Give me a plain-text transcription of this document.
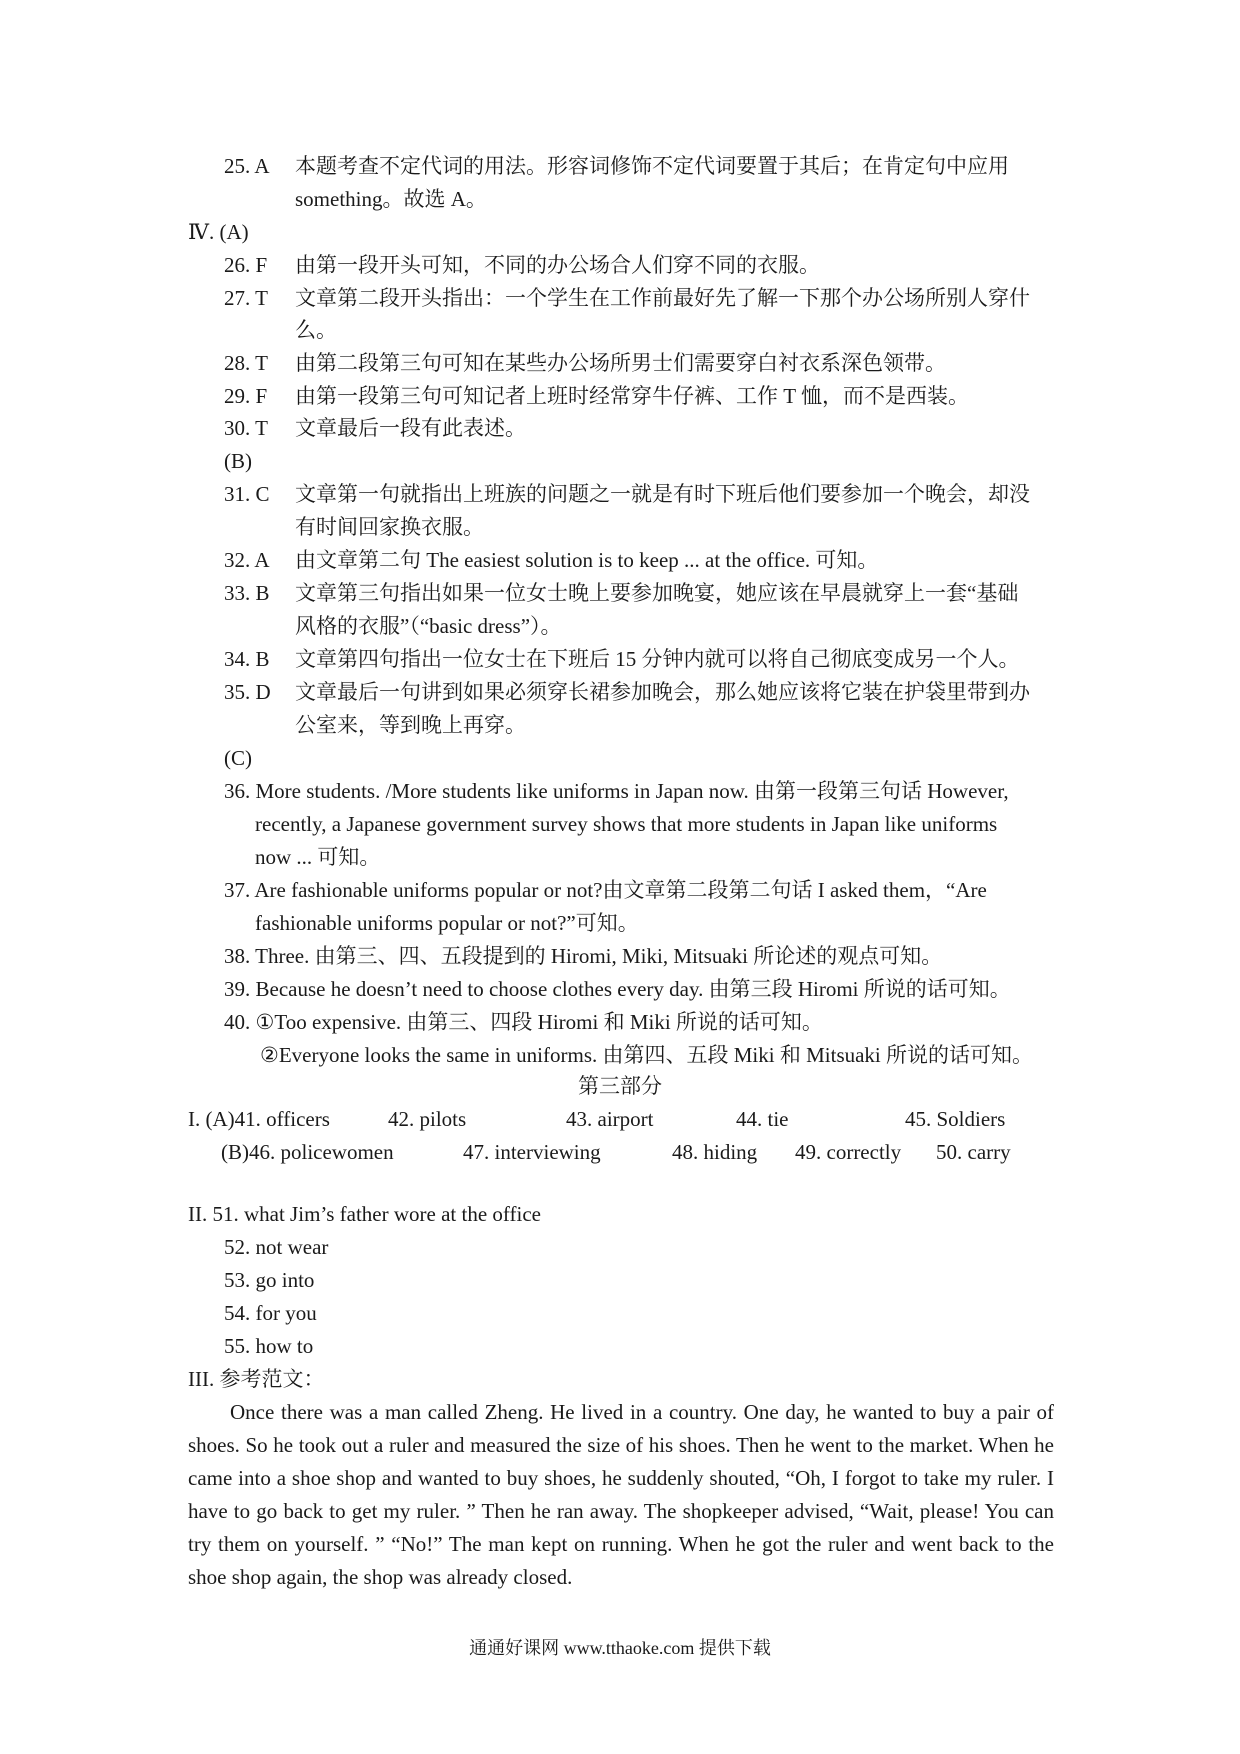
25. A 本题考查不定代词的用法。形容词修饰不定代词要置于其后；在肯定句中应用
something。故选 A。
Ⅳ. (A)
26. F 由第一段开头可知，不同的办公场合人们穿不同的衣服。
27. T 文章第二段开头指出：一个学生在工作前最好先了解一下那个办公场所别人穿什
么。
28. T 由第二段第三句可知在某些办公场所男士们需要穿白衬衣系深色领带。
29. F 由第一段第三句可知记者上班时经常穿牛仔裤、工作 T 恤，而不是西装。
30. T 文章最后一段有此表述。
(B)
31. C 文章第一句就指出上班族的问题之一就是有时下班后他们要参加一个晚会，却没
有时间回家换衣服。
32. A 由文章第二句 The easiest solution is to keep ... at the office. 可知。
33. B 文章第三句指出如果一位女士晚上要参加晚宴，她应该在早晨就穿上一套“基础
风格的衣服”（“basic dress”）。
34. B 文章第四句指出一位女士在下班后 15 分钟内就可以将自己彻底变成另一个人。
35. D 文章最后一句讲到如果必须穿长裙参加晚会，那么她应该将它装在护袋里带到办
公室来，等到晚上再穿。
(C)
36. More students. /More students like uniforms in Japan now. 由第一段第三句话 However,
recently, a Japanese government survey shows that more students in Japan like uniforms
now ... 可知。
37. Are fashionable uniforms popular or not?由文章第二段第二句话 I asked them，“Are
fashionable uniforms popular or not?”可知。
38. Three. 由第三、四、五段提到的 Hiromi, Miki, Mitsuaki 所论述的观点可知。
39. Because he doesn’t need to choose clothes every day. 由第三段 Hiromi 所说的话可知。
40. ①Too expensive. 由第三、四段 Hiromi 和 Miki 所说的话可知。
②Everyone looks the same in uniforms. 由第四、五段 Miki 和 Mitsuaki 所说的话可知。
第三部分
I. (A)41. officers	42. pilots	43. airport	44. tie	45. Soldiers
(B)46. policewomen	47. interviewing	48. hiding 49. correctly 50. carry
II. 51. what Jim’s father wore at the office
52. not wear
53. go into
54. for you
55. how to
III. 参考范文：
Once there was a man called Zheng. He lived in a country. One day, he wanted to buy a pair of shoes. So he took out a ruler and measured the size of his shoes. Then he went to the market. When he came into a shoe shop and wanted to buy shoes, he suddenly shouted, “Oh, I forgot to take my ruler. I have to go back to get my ruler. ” Then he ran away. The shopkeeper advised, “Wait, please! You can try them on yourself. ” “No!” The man kept on running. When he got the ruler and went back to the shoe shop again, the shop was already closed.
通通好课网 www.tthaoke.com 提供下载
